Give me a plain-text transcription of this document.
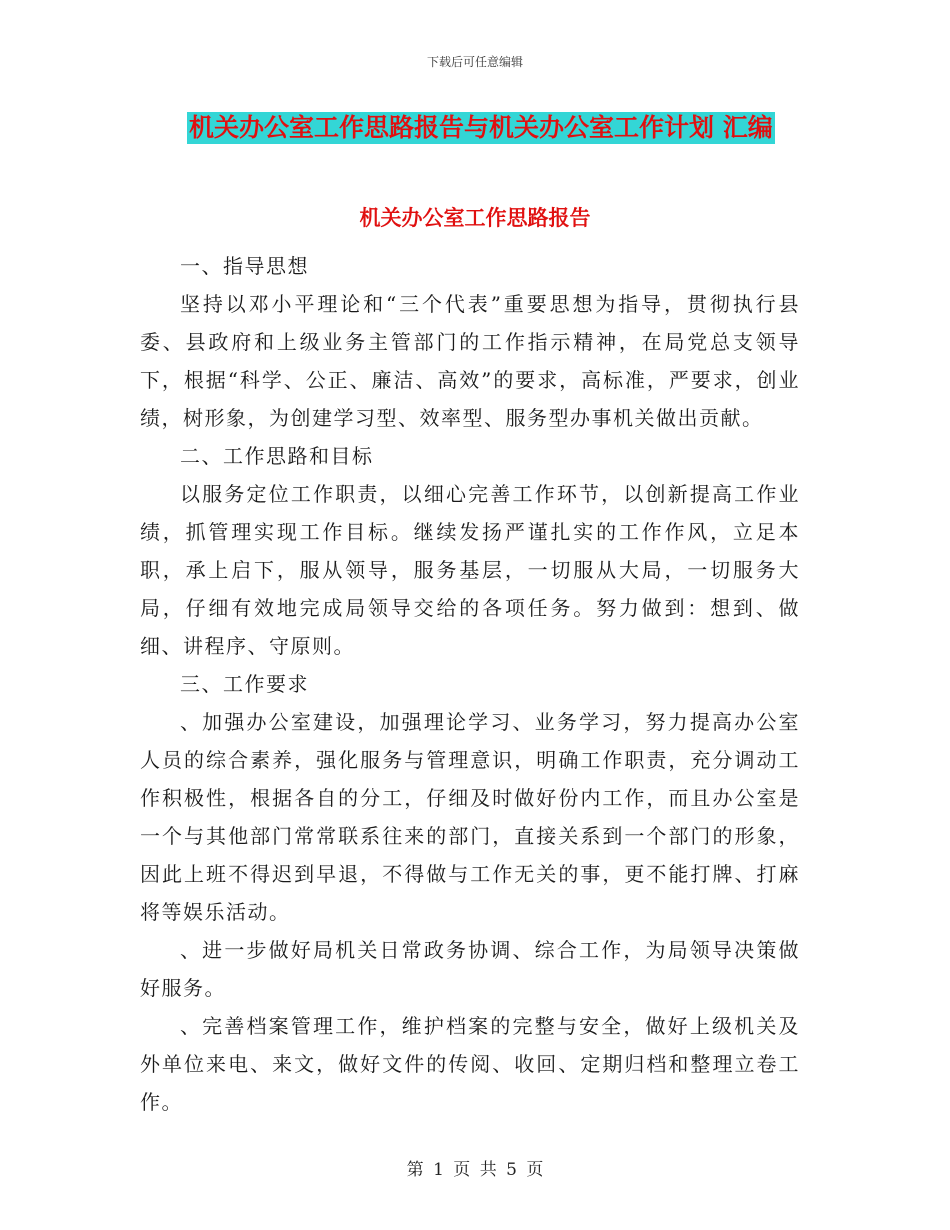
下载后可任意编辑
机关办公室工作思路报告与机关办公室工作计划 汇编
机关办公室工作思路报告

一、指导思想

坚持以邓小平理论和“三个代表”重要思想为指导，贯彻执行县委、县政府和上级业务主管部门的工作指示精神，在局党总支领导下，根据“科学、公正、廉洁、高效”的要求，高标准，严要求，创业绩，树形象，为创建学习型、效率型、服务型办事机关做出贡献。

二、工作思路和目标

以服务定位工作职责，以细心完善工作环节，以创新提高工作业绩，抓管理实现工作目标。继续发扬严谨扎实的工作作风，立足本职，承上启下，服从领导，服务基层，一切服从大局，一切服务大局，仔细有效地完成局领导交给的各项任务。努力做到：想到、做细、讲程序、守原则。

三、工作要求

、加强办公室建设，加强理论学习、业务学习，努力提高办公室人员的综合素养，强化服务与管理意识，明确工作职责，充分调动工作积极性，根据各自的分工，仔细及时做好份内工作，而且办公室是一个与其他部门常常联系往来的部门，直接关系到一个部门的形象，因此上班不得迟到早退，不得做与工作无关的事，更不能打牌、打麻将等娱乐活动。

、进一步做好局机关日常政务协调、综合工作，为局领导决策做好服务。

、完善档案管理工作，维护档案的完整与安全，做好上级机关及外单位来电、来文，做好文件的传阅、收回、定期归档和整理立卷工作。

第 1 页 共 5 页
